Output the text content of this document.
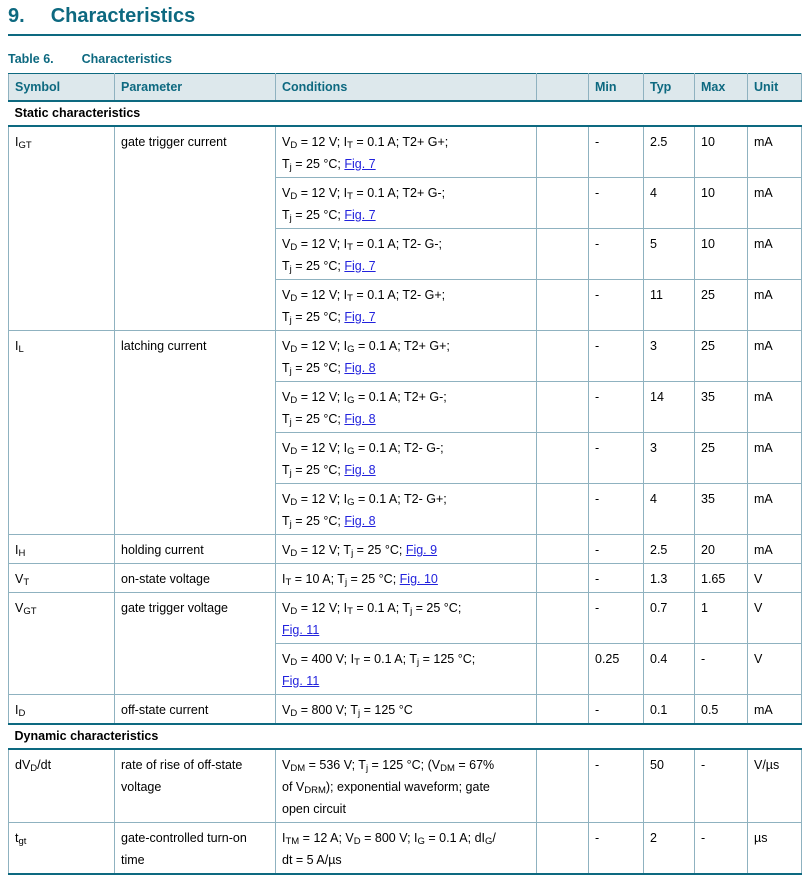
9. Characteristics
Table 6. Characteristics
Symbol	Parameter	Conditions		Min	Typ	Max	Unit
Static characteristics							
$I_{GT}$	gate trigger current	$V_D = 12$ V; $I_T = 0.1$ A; T2+ G+;
$T_j = 25$ °C; Fig. 7		-	2.5	10	mA

		$V_D = 12$ V; $I_T = 0.1$ A; T2+ G-;
$T_j = 25$ °C; Fig. 7		-	4	10	mA

		$V_D = 12$ V; $I_T = 0.1$ A; T2- G-;
$T_j = 25$ °C; Fig. 7		-	5	10	mA

		$V_D = 12$ V; $I_T = 0.1$ A; T2- G+;
$T_j = 25$ °C; Fig. 7		-	11	25	mA
$I_L$	latching current	$V_D = 12$ V; $I_G = 0.1$ A; T2+ G+;
$T_j = 25$ °C; Fig. 8		-	3	25	mA

		$V_D = 12$ V; $I_G = 0.1$ A; T2+ G-;
$T_j = 25$ °C; Fig. 8		-	14	35	mA

		$V_D = 12$ V; $I_G = 0.1$ A; T2- G-;
$T_j = 25$ °C; Fig. 8		-	3	25	mA

		$V_D = 12$ V; $I_G = 0.1$ A; T2- G+;
$T_j = 25$ °C; Fig. 8		-	4	35	mA
$I_H$	holding current	$V_D = 12$ V; $T_j = 25$ °C; Fig. 9		-	2.5	20	mA
$V_T$	on-state voltage	$I_T = 10$ A; $T_j = 25$ °C; Fig. 10		-	1.3	1.65	V
$V_{GT}$	gate trigger voltage	$V_D = 12$ V; $I_T = 0.1$ A; $T_j = 25$ °C;
Fig. 11		-	0.7	1	V

		$V_D = 400$ V; $I_T = 0.1$ A; $T_j = 125$ °C;
Fig. 11		0.25	0.4	-	V
$I_D$	off-state current	$V_D = 800$ V; $T_j = 125$ °C		-	0.1	0.5	mA
Dynamic characteristics							
$dV_D/dt$	rate of rise of off-state voltage	$V_{DM} = 536$ V; $T_j = 125$ °C; ($V_{DM} = 67\%$
of $V_{DRM}$); exponential waveform; gate
open circuit		-	50	-	V/µs
$t_{gt}$	gate-controlled turn-on time	$I_{TM} = 12$ A; $V_D = 800$ V; $I_G = 0.1$ A; $dI_G/$
dt = 5 A/µs		-	2	-	µs
